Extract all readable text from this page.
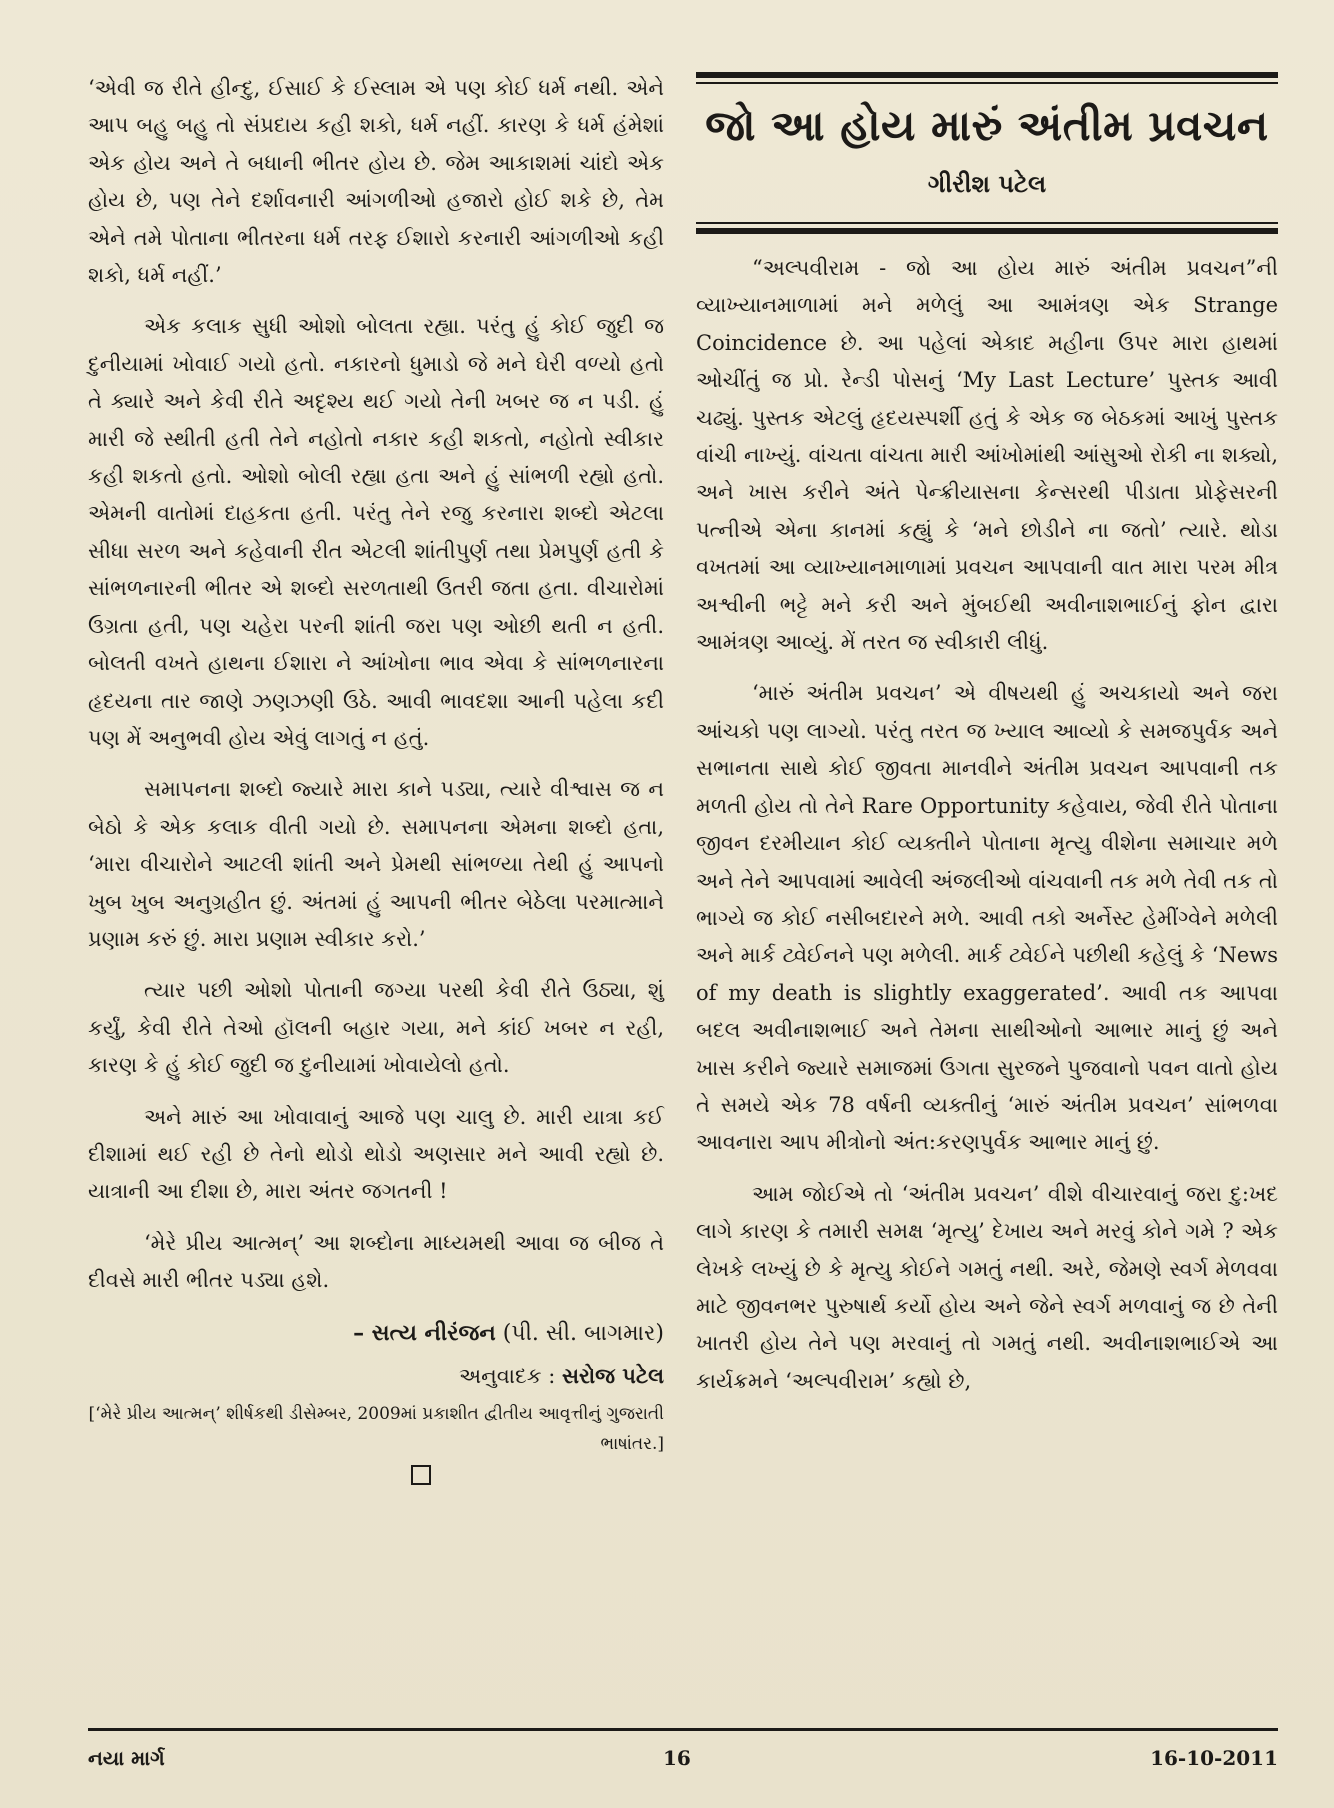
‘એવી જ રીતે હીન્દુ, ઈસાઈ કે ઈસ્લામ એ પણ કોઈ ધર્મ નથી. એને આપ બહુ બહુ તો સંપ્રદાય કહી શકો, ધર્મ નહીં. કારણ કે ધર્મ હંમેશાં એક હોય અને તે બધાની ભીતર હોય છે. જેમ આકાશમાં ચાંદો એક હોય છે, પણ તેને દર્શાવનારી આંગળીઓ હજારો હોઈ શકે છે, તેમ એને તમે પોતાના ભીતરના ધર્મ તરફ ઈશારો કરનારી આંગળીઓ કહી શકો, ધર્મ નહીં.’

એક કલાક સુધી ઓશો બોલતા રહ્યા. પરંતુ હું કોઈ જુદી જ દુનીયામાં ખોવાઈ ગયો હતો. નકારનો ધુમાડો જે મને ઘેરી વળ્યો હતો તે ક્યારે અને કેવી રીતે અદૃશ્ય થઈ ગયો તેની ખબર જ ન પડી. હું મારી જે સ્થીતી હતી તેને નહોતો નકાર કહી શકતો, નહોતો સ્વીકાર કહી શકતો હતો. ઓશો બોલી રહ્યા હતા અને હું સાંભળી રહ્યો હતો. એમની વાતોમાં દાહકતા હતી. પરંતુ તેને રજુ કરનારા શબ્દો એટલા સીધા સરળ અને કહેવાની રીત એટલી શાંતીપુર્ણ તથા પ્રેમપુર્ણ હતી કે સાંભળનારની ભીતર એ શબ્દો સરળતાથી ઉતરી જતા હતા. વીચારોમાં ઉગ્રતા હતી, પણ ચહેરા પરની શાંતી જરા પણ ઓછી થતી ન હતી. બોલતી વખતે હાથના ઈશારા ને આંખોના ભાવ એવા કે સાંભળનારના હૃદયના તાર જાણે ઝણઝણી ઉઠે. આવી ભાવદશા આની પહેલા કદી પણ મેં અનુભવી હોય એવું લાગતું ન હતું.

સમાપનના શબ્દો જ્યારે મારા કાને પડ્યા, ત્યારે વીશ્વાસ જ ન બેઠો કે એક કલાક વીતી ગયો છે. સમાપનના એમના શબ્દો હતા, ‘મારા વીચારોને આટલી શાંતી અને પ્રેમથી સાંભળ્યા તેથી હું આપનો ખુબ ખુબ અનુગ્રહીત છું. અંતમાં હું આપની ભીતર બેઠેલા પરમાત્માને પ્રણામ કરું છું. મારા પ્રણામ સ્વીકાર કરો.’

ત્યાર પછી ઓશો પોતાની જગ્યા પરથી કેવી રીતે ઉઠ્યા, શું કર્યું, કેવી રીતે તેઓ હૉલની બહાર ગયા, મને કાંઈ ખબર ન રહી, કારણ કે હું કોઈ જુદી જ દુનીયામાં ખોવાયેલો હતો.

અને મારું આ ખોવાવાનું આજે પણ ચાલુ છે. મારી યાત્રા કઈ દીશામાં થઈ રહી છે તેનો થોડો થોડો અણસાર મને આવી રહ્યો છે. યાત્રાની આ દીશા છે, મારા અંતર જગતની !

‘મેરે પ્રીય આત્મન્’ આ શબ્દોના માધ્યમથી આવા જ બીજ તે દીવસે મારી ભીતર પડ્યા હશે.

– સત્ય નીરંજન (પી. સી. બાગમાર)
અનુવાદક : સરોજ પટેલ
[‘મેરે પ્રીય આત્મન્’ શીર્ષકથી ડીસેમ્બર, 2009માં પ્રકાશીત દ્વીતીય આવૃત્તીનું ગુજરાતી ભાષાંતર.]
જો આ હોય મારું અંતીમ પ્રવચન
ગીરીશ પટેલ

“અલ્પવીરામ - જો આ હોય મારું અંતીમ પ્રવચન”ની વ્યાખ્યાનમાળામાં મને મળેલું આ આમંત્રણ એક Strange Coincidence છે. આ પહેલાં એકાદ મહીના ઉપર મારા હાથમાં ઓચીંતું જ પ્રો. રેન્ડી પોસનું ‘My Last Lecture’ પુસ્તક આવી ચઢ્યું. પુસ્તક એટલું હૃદયસ્પર્શી હતું કે એક જ બેઠકમાં આખું પુસ્તક વાંચી નાખ્યું. વાંચતા વાંચતા મારી આંખોમાંથી આંસુઓ રોકી ના શક્યો, અને ખાસ કરીને અંતે પેન્ક્રીયાસના કેન્સરથી પીડાતા પ્રોફેસરની પત્નીએ એના કાનમાં કહ્યું કે ‘મને છોડીને ના જતો’ ત્યારે. થોડા વખતમાં આ વ્યાખ્યાનમાળામાં પ્રવચન આપવાની વાત મારા પરમ મીત્ર અશ્વીની ભટ્ટે મને કરી અને મુંબઈથી અવીનાશભાઈનું ફોન દ્વારા આમંત્રણ આવ્યું. મેં તરત જ સ્વીકારી લીધું.

‘મારું અંતીમ પ્રવચન’ એ વીષયથી હું અચકાયો અને જરા આંચકો પણ લાગ્યો. પરંતુ તરત જ ખ્યાલ આવ્યો કે સમજપુર્વક અને સભાનતા સાથે કોઈ જીવતા માનવીને અંતીમ પ્રવચન આપવાની તક મળતી હોય તો તેને Rare Opportunity કહેવાય, જેવી રીતે પોતાના જીવન દરમીયાન કોઈ વ્યક્તીને પોતાના મૃત્યુ વીશેના સમાચાર મળે અને તેને આપવામાં આવેલી અંજલીઓ વાંચવાની તક મળે તેવી તક તો ભાગ્યે જ કોઈ નસીબદારને મળે. આવી તકો અર્નેસ્ટ હેમીંગ્વેને મળેલી અને માર્ક ટ્વેઈનને પણ મળેલી. માર્ક ટ્વેઈને પછીથી કહેલું કે ‘News of my death is slightly exaggerated’. આવી તક આપવા બદલ અવીનાશભાઈ અને તેમના સાથીઓનો આભાર માનું છું અને ખાસ કરીને જ્યારે સમાજમાં ઉગતા સુરજને પુજવાનો પવન વાતો હોય તે સમયે એક 78 વર્ષની વ્યક્તીનું ‘મારું અંતીમ પ્રવચન’ સાંભળવા આવનારા આપ મીત્રોનો અંત:કરણપુર્વક આભાર માનું છું.

આમ જોઈએ તો ‘અંતીમ પ્રવચન’ વીશે વીચારવાનું જરા દુ:ખદ લાગે કારણ કે તમારી સમક્ષ ‘મૃત્યુ’ દેખાય અને મરવું કોને ગમે ? એક લેખકે લખ્યું છે કે મૃત્યુ કોઈને ગમતું નથી. અરે, જેમણે સ્વર્ગ મેળવવા માટે જીવનભર પુરુષાર્થ કર્યો હોય અને જેને સ્વર્ગ મળવાનું જ છે તેની ખાતરી હોય તેને પણ મરવાનું તો ગમતું નથી. અવીનાશભાઈએ આ કાર્યક્રમને ‘અલ્પવીરામ’ કહ્યો છે,

નયા માર્ગ	16	16-10-2011
